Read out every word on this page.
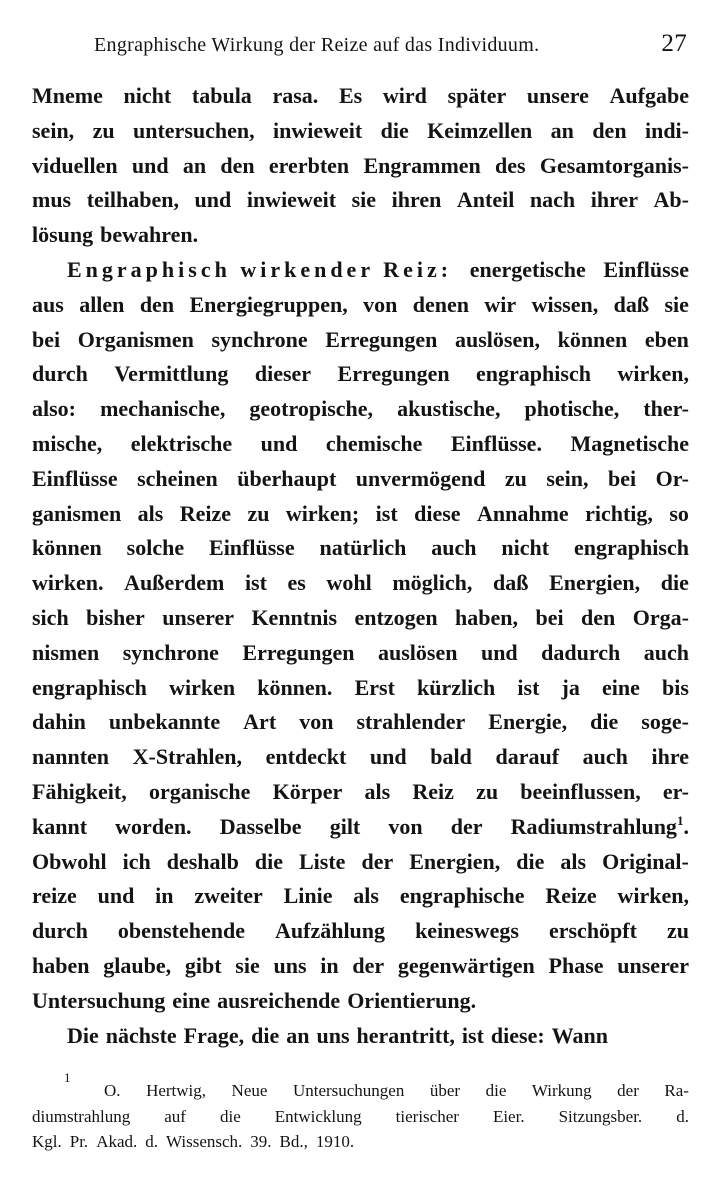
Engraphische Wirkung der Reize auf das Individuum.	27
Mneme nicht tabula rasa. Es wird später unsere Aufgabe
sein, zu untersuchen, inwieweit die Keimzellen an den indi-
viduellen und an den ererbten Engrammen des Gesamtorganis-
mus teilhaben, und inwieweit sie ihren Anteil nach ihrer Ab-
lösung bewahren.
Engraphisch wirkender Reiz: energetische Einflüsse
aus allen den Energiegruppen, von denen wir wissen, daß sie
bei Organismen synchrone Erregungen auslösen, können eben
durch Vermittlung dieser Erregungen engraphisch wirken,
also: mechanische, geotropische, akustische, photische, ther-
mische, elektrische und chemische Einflüsse. Magnetische
Einflüsse scheinen überhaupt unvermögend zu sein, bei Or-
ganismen als Reize zu wirken; ist diese Annahme richtig, so
können solche Einflüsse natürlich auch nicht engraphisch
wirken. Außerdem ist es wohl möglich, daß Energien, die
sich bisher unserer Kenntnis entzogen haben, bei den Orga-
nismen synchrone Erregungen auslösen und dadurch auch
engraphisch wirken können. Erst kürzlich ist ja eine bis
dahin unbekannte Art von strahlender Energie, die soge-
nannten X-Strahlen, entdeckt und bald darauf auch ihre
Fähigkeit, organische Körper als Reiz zu beeinflussen, er-
kannt worden. Dasselbe gilt von der Radiumstrahlung$^1$.
Obwohl ich deshalb die Liste der Energien, die als Original-
reize und in zweiter Linie als engraphische Reize wirken,
durch obenstehende Aufzählung keineswegs erschöpft zu
haben glaube, gibt sie uns in der gegenwärtigen Phase unserer
Untersuchung eine ausreichende Orientierung.
Die nächste Frage, die an uns herantritt, ist diese: Wann
1
O. Hertwig, Neue Untersuchungen über die Wirkung der Ra-
diumstrahlung auf die Entwicklung tierischer Eier. Sitzungsber. d.
Kgl. Pr. Akad. d. Wissensch. 39. Bd., 1910.
